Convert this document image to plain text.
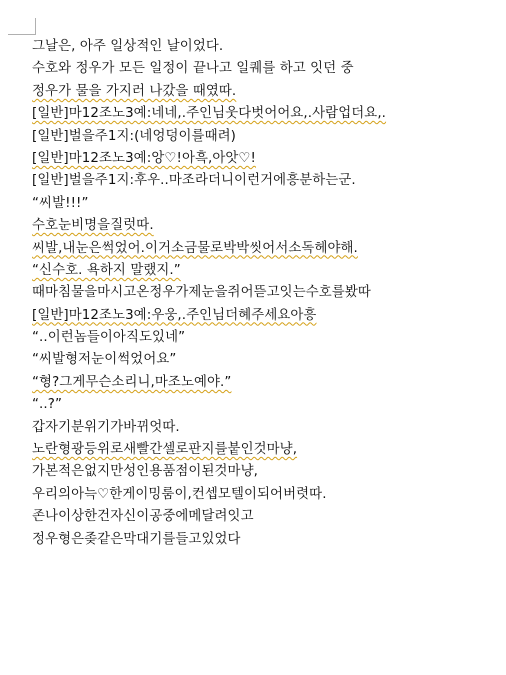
그날은, 아주 일상적인 날이었다.
수호와 정우가 모든 일정이 끝나고 일퀘를 하고 잇던 중
정우가 물을 가지러 나갔을 때였따.
[일반]마12조노3예:네네,.주인님웃다벗어어요,.사람업더요,.
[일반]벌을주1지:(네엉덩이를때려)
[일반]마12조노3예:앙♡!아흑,아앗♡!
[일반]벌을주1지:후우..마조라더니이런거에흥분하는군.
“씨발!!!”
수호눈비명을질럿따.
씨발,내눈은썩었어.이거소금물로박박씻어서소독헤야해.
“신수호. 욕하지 말랬지.”
때마침물을마시고온정우가제눈을쥐어뜯고잇는수호를봤따
[일반]마12조노3예:우웅,.주인님더혜주세요아흥
“..이런놈들이아직도있네”
“씨발형저눈이썩었어요”
“형?그게무슨소리니,마조노예야.”
“..?”
갑자기분위기가바뀌엇따.
노란형광등위로새빨간셀로판지를붙인것마냥,
가본적은없지만성인용품점이된것마냥,
우리의아늑♡한게이밍룸이,컨셉모텔이되어버렷따.
존나이상한건자신이공중에메달려잇고
정우형은좆같은막대기를들고있었다
